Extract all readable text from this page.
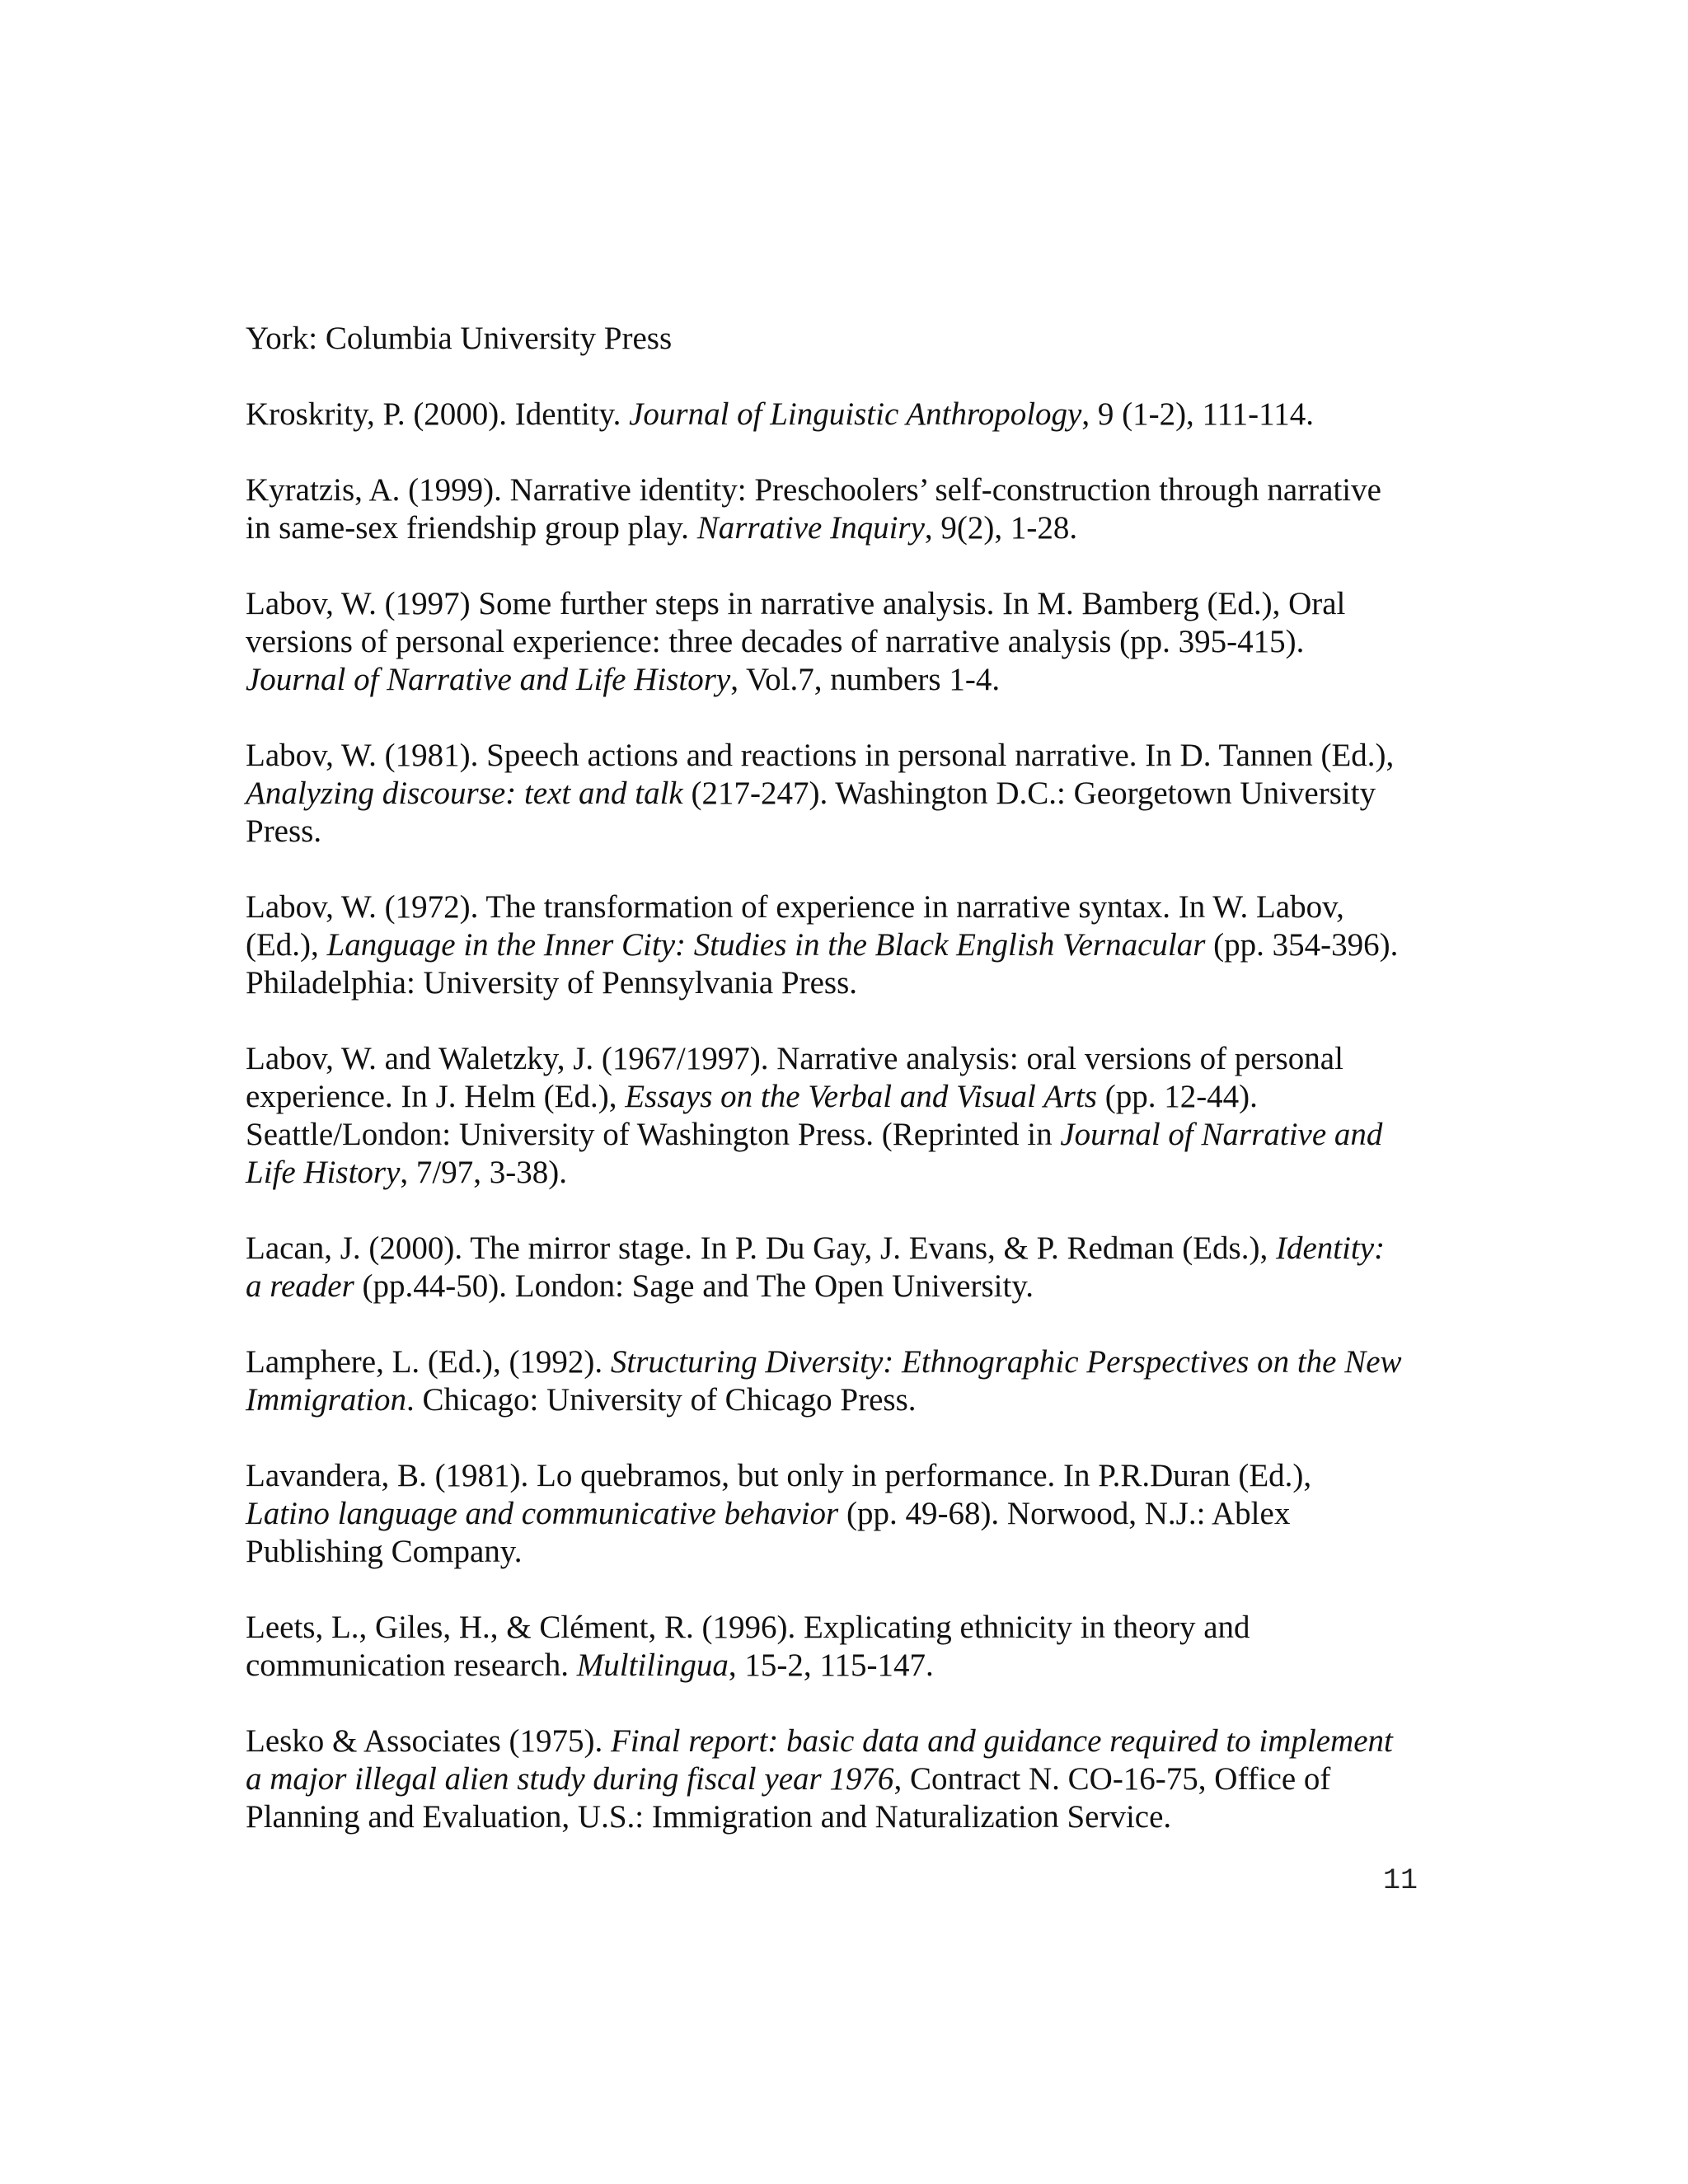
York: Columbia University Press
Kroskrity, P. (2000). Identity. Journal of Linguistic Anthropology, 9 (1-2), 111-114.
Kyratzis, A. (1999). Narrative identity: Preschoolers’ self-construction through narrative
in same-sex friendship group play. Narrative Inquiry, 9(2), 1-28.
Labov, W. (1997) Some further steps in narrative analysis. In M. Bamberg (Ed.), Oral
versions of personal experience: three decades of narrative analysis (pp. 395-415).
Journal of Narrative and Life History, Vol.7, numbers 1-4.
Labov, W. (1981). Speech actions and reactions in personal narrative. In D. Tannen (Ed.),
Analyzing discourse: text and talk (217-247). Washington D.C.: Georgetown University
Press.
Labov, W. (1972). The transformation of experience in narrative syntax. In W. Labov,
(Ed.), Language in the Inner City: Studies in the Black English Vernacular (pp. 354-396).
Philadelphia: University of Pennsylvania Press.
Labov, W. and Waletzky, J. (1967/1997). Narrative analysis: oral versions of personal
experience. In J. Helm (Ed.), Essays on the Verbal and Visual Arts (pp. 12-44).
Seattle/London: University of Washington Press. (Reprinted in Journal of Narrative and
Life History, 7/97, 3-38).
Lacan, J. (2000). The mirror stage. In P. Du Gay, J. Evans, & P. Redman (Eds.), Identity:
a reader (pp.44-50). London: Sage and The Open University.
Lamphere, L. (Ed.), (1992). Structuring Diversity: Ethnographic Perspectives on the New
Immigration. Chicago: University of Chicago Press.
Lavandera, B. (1981). Lo quebramos, but only in performance. In P.R.Duran (Ed.),
Latino language and communicative behavior (pp. 49-68). Norwood, N.J.: Ablex
Publishing Company.
Leets, L., Giles, H., & Clément, R. (1996). Explicating ethnicity in theory and
communication research. Multilingua, 15-2, 115-147.
Lesko & Associates (1975). Final report: basic data and guidance required to implement
a major illegal alien study during fiscal year 1976, Contract N. CO-16-75, Office of
Planning and Evaluation, U.S.: Immigration and Naturalization Service.
11
